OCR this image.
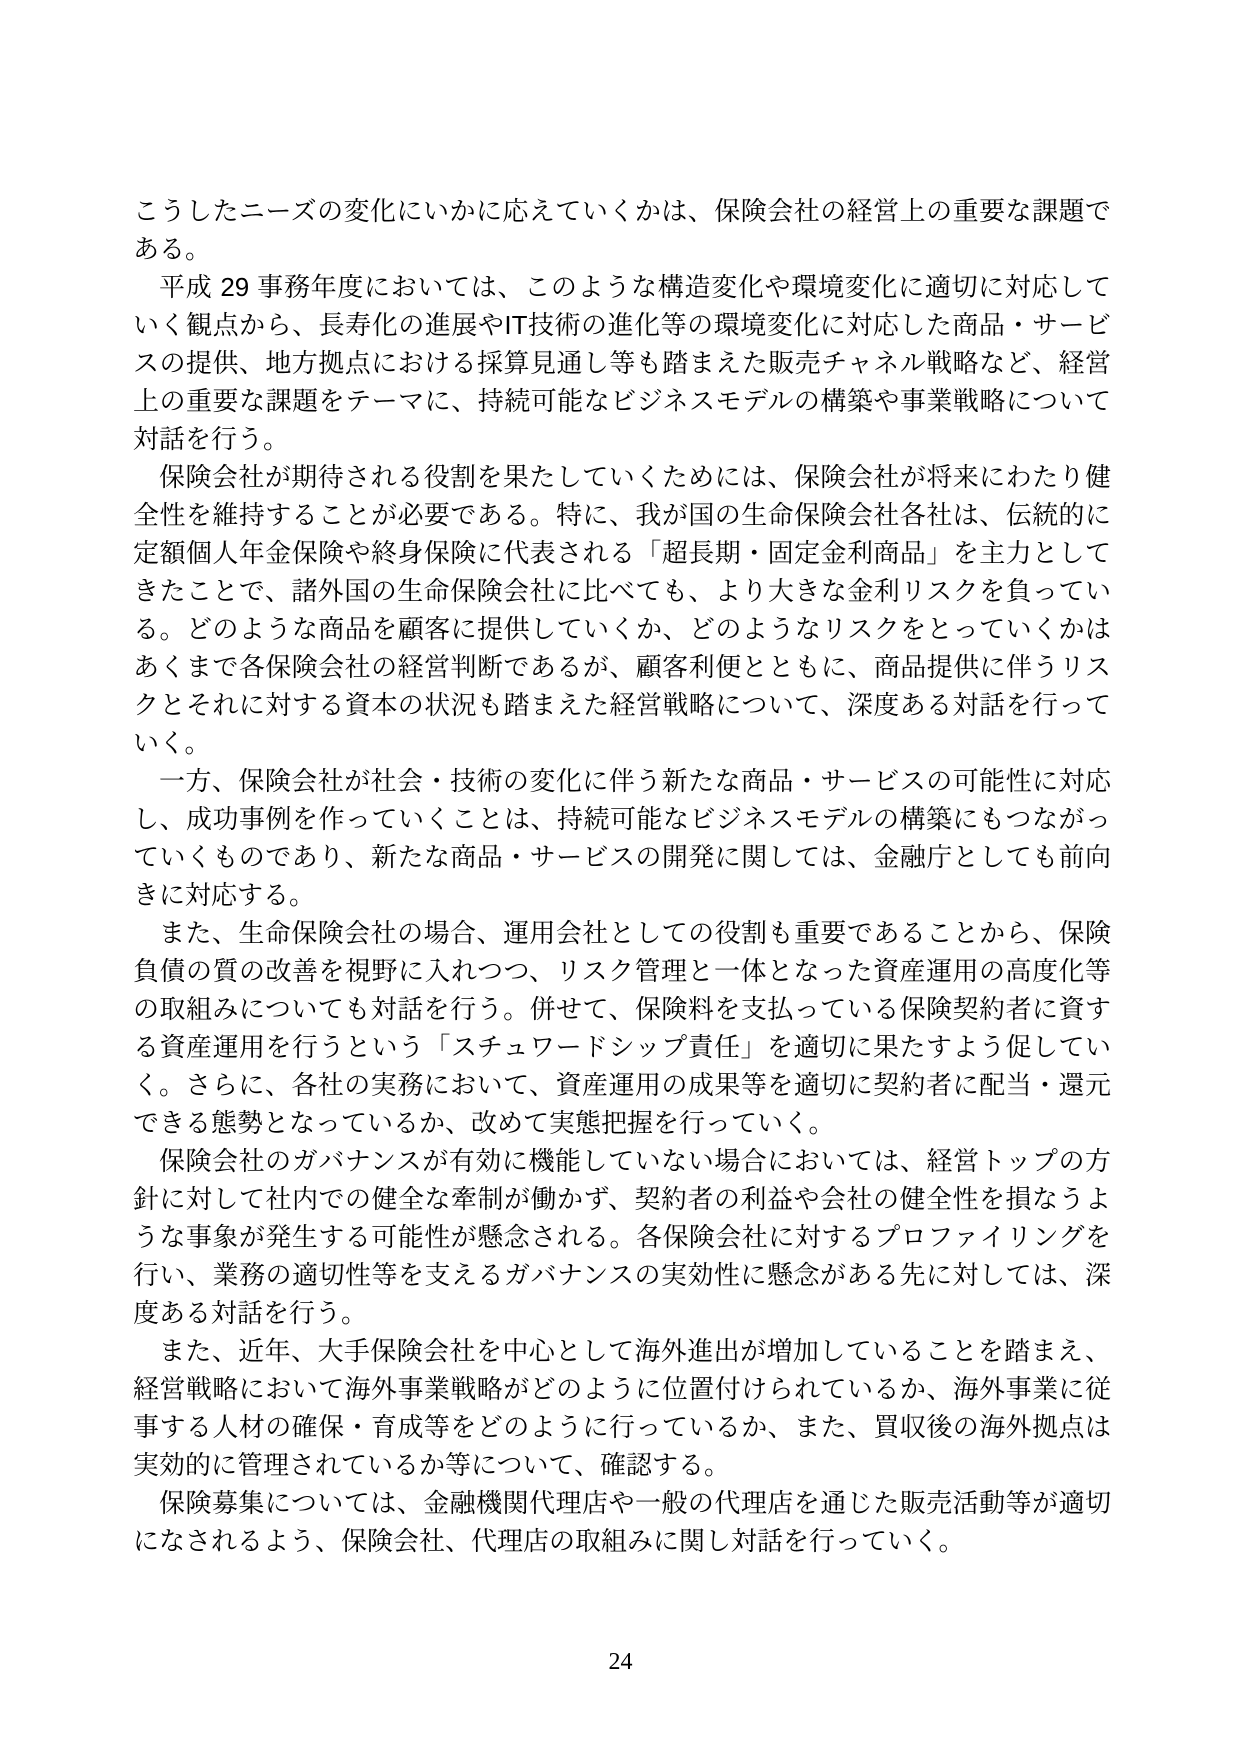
こうしたニーズの変化にいかに応えていくかは、保険会社の経営上の重要な課題である。

平成 29 事務年度においては、このような構造変化や環境変化に適切に対応していく観点から、長寿化の進展やIT技術の進化等の環境変化に対応した商品・サービスの提供、地方拠点における採算見通し等も踏まえた販売チャネル戦略など、経営上の重要な課題をテーマに、持続可能なビジネスモデルの構築や事業戦略について対話を行う。

保険会社が期待される役割を果たしていくためには、保険会社が将来にわたり健全性を維持することが必要である。特に、我が国の生命保険会社各社は、伝統的に定額個人年金保険や終身保険に代表される「超長期・固定金利商品」を主力としてきたことで、諸外国の生命保険会社に比べても、より大きな金利リスクを負っている。どのような商品を顧客に提供していくか、どのようなリスクをとっていくかはあくまで各保険会社の経営判断であるが、顧客利便とともに、商品提供に伴うリスクとそれに対する資本の状況も踏まえた経営戦略について、深度ある対話を行っていく。

一方、保険会社が社会・技術の変化に伴う新たな商品・サービスの可能性に対応し、成功事例を作っていくことは、持続可能なビジネスモデルの構築にもつながっていくものであり、新たな商品・サービスの開発に関しては、金融庁としても前向きに対応する。

また、生命保険会社の場合、運用会社としての役割も重要であることから、保険負債の質の改善を視野に入れつつ、リスク管理と一体となった資産運用の高度化等の取組みについても対話を行う。併せて、保険料を支払っている保険契約者に資する資産運用を行うという「スチュワードシップ責任」を適切に果たすよう促していく。さらに、各社の実務において、資産運用の成果等を適切に契約者に配当・還元できる態勢となっているか、改めて実態把握を行っていく。

保険会社のガバナンスが有効に機能していない場合においては、経営トップの方針に対して社内での健全な牽制が働かず、契約者の利益や会社の健全性を損なうような事象が発生する可能性が懸念される。各保険会社に対するプロファイリングを行い、業務の適切性等を支えるガバナンスの実効性に懸念がある先に対しては、深度ある対話を行う。

また、近年、大手保険会社を中心として海外進出が増加していることを踏まえ、経営戦略において海外事業戦略がどのように位置付けられているか、海外事業に従事する人材の確保・育成等をどのように行っているか、また、買収後の海外拠点は実効的に管理されているか等について、確認する。

保険募集については、金融機関代理店や一般の代理店を通じた販売活動等が適切になされるよう、保険会社、代理店の取組みに関し対話を行っていく。

24
